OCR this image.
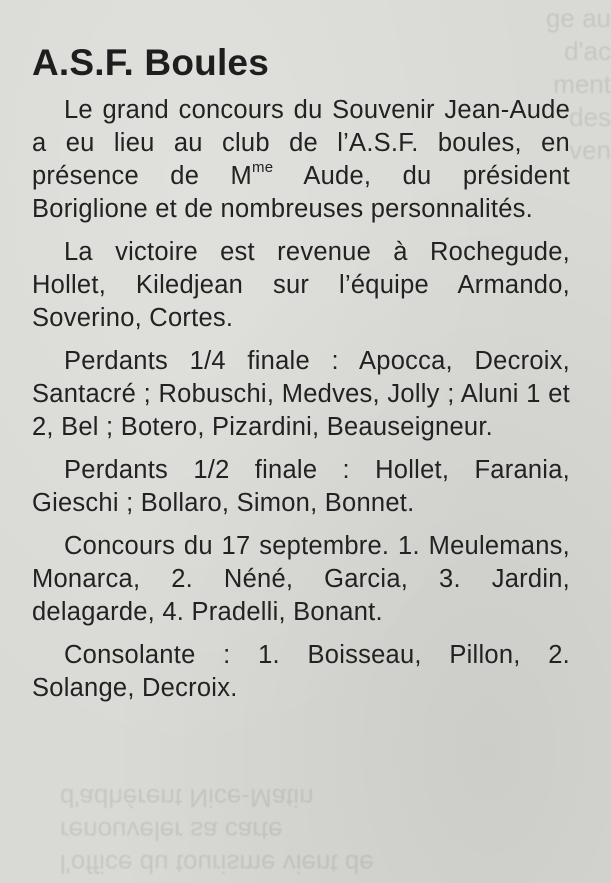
ge au
d'ac
ment
des
ven
l'office du tourisme vient de
renouveler sa carte
d'adhérent Nice-Matin
A.S.F. Boules

Le grand concours du Souvenir Jean-Aude a eu lieu au club de l’A.S.F. boules, en présence de $M^{me}$ Aude, du président Boriglione et de nombreuses personnalités.

La victoire est revenue à Rochegude, Hollet, Kiledjean sur l’équipe Armando, Soverino, Cortes.

Perdants 1/4 finale : Apocca, Decroix, Santacré ; Robuschi, Medves, Jolly ; Aluni 1 et 2, Bel ; Botero, Pizardini, Beauseigneur.

Perdants 1/2 finale : Hollet, Farania, Gieschi ; Bollaro, Simon, Bonnet.

Concours du 17 septembre. 1. Meulemans, Monarca, 2. Néné, Garcia, 3. Jardin, delagarde, 4. Pradelli, Bonant.

Consolante : 1. Boisseau, Pillon, 2. Solange, Decroix.
